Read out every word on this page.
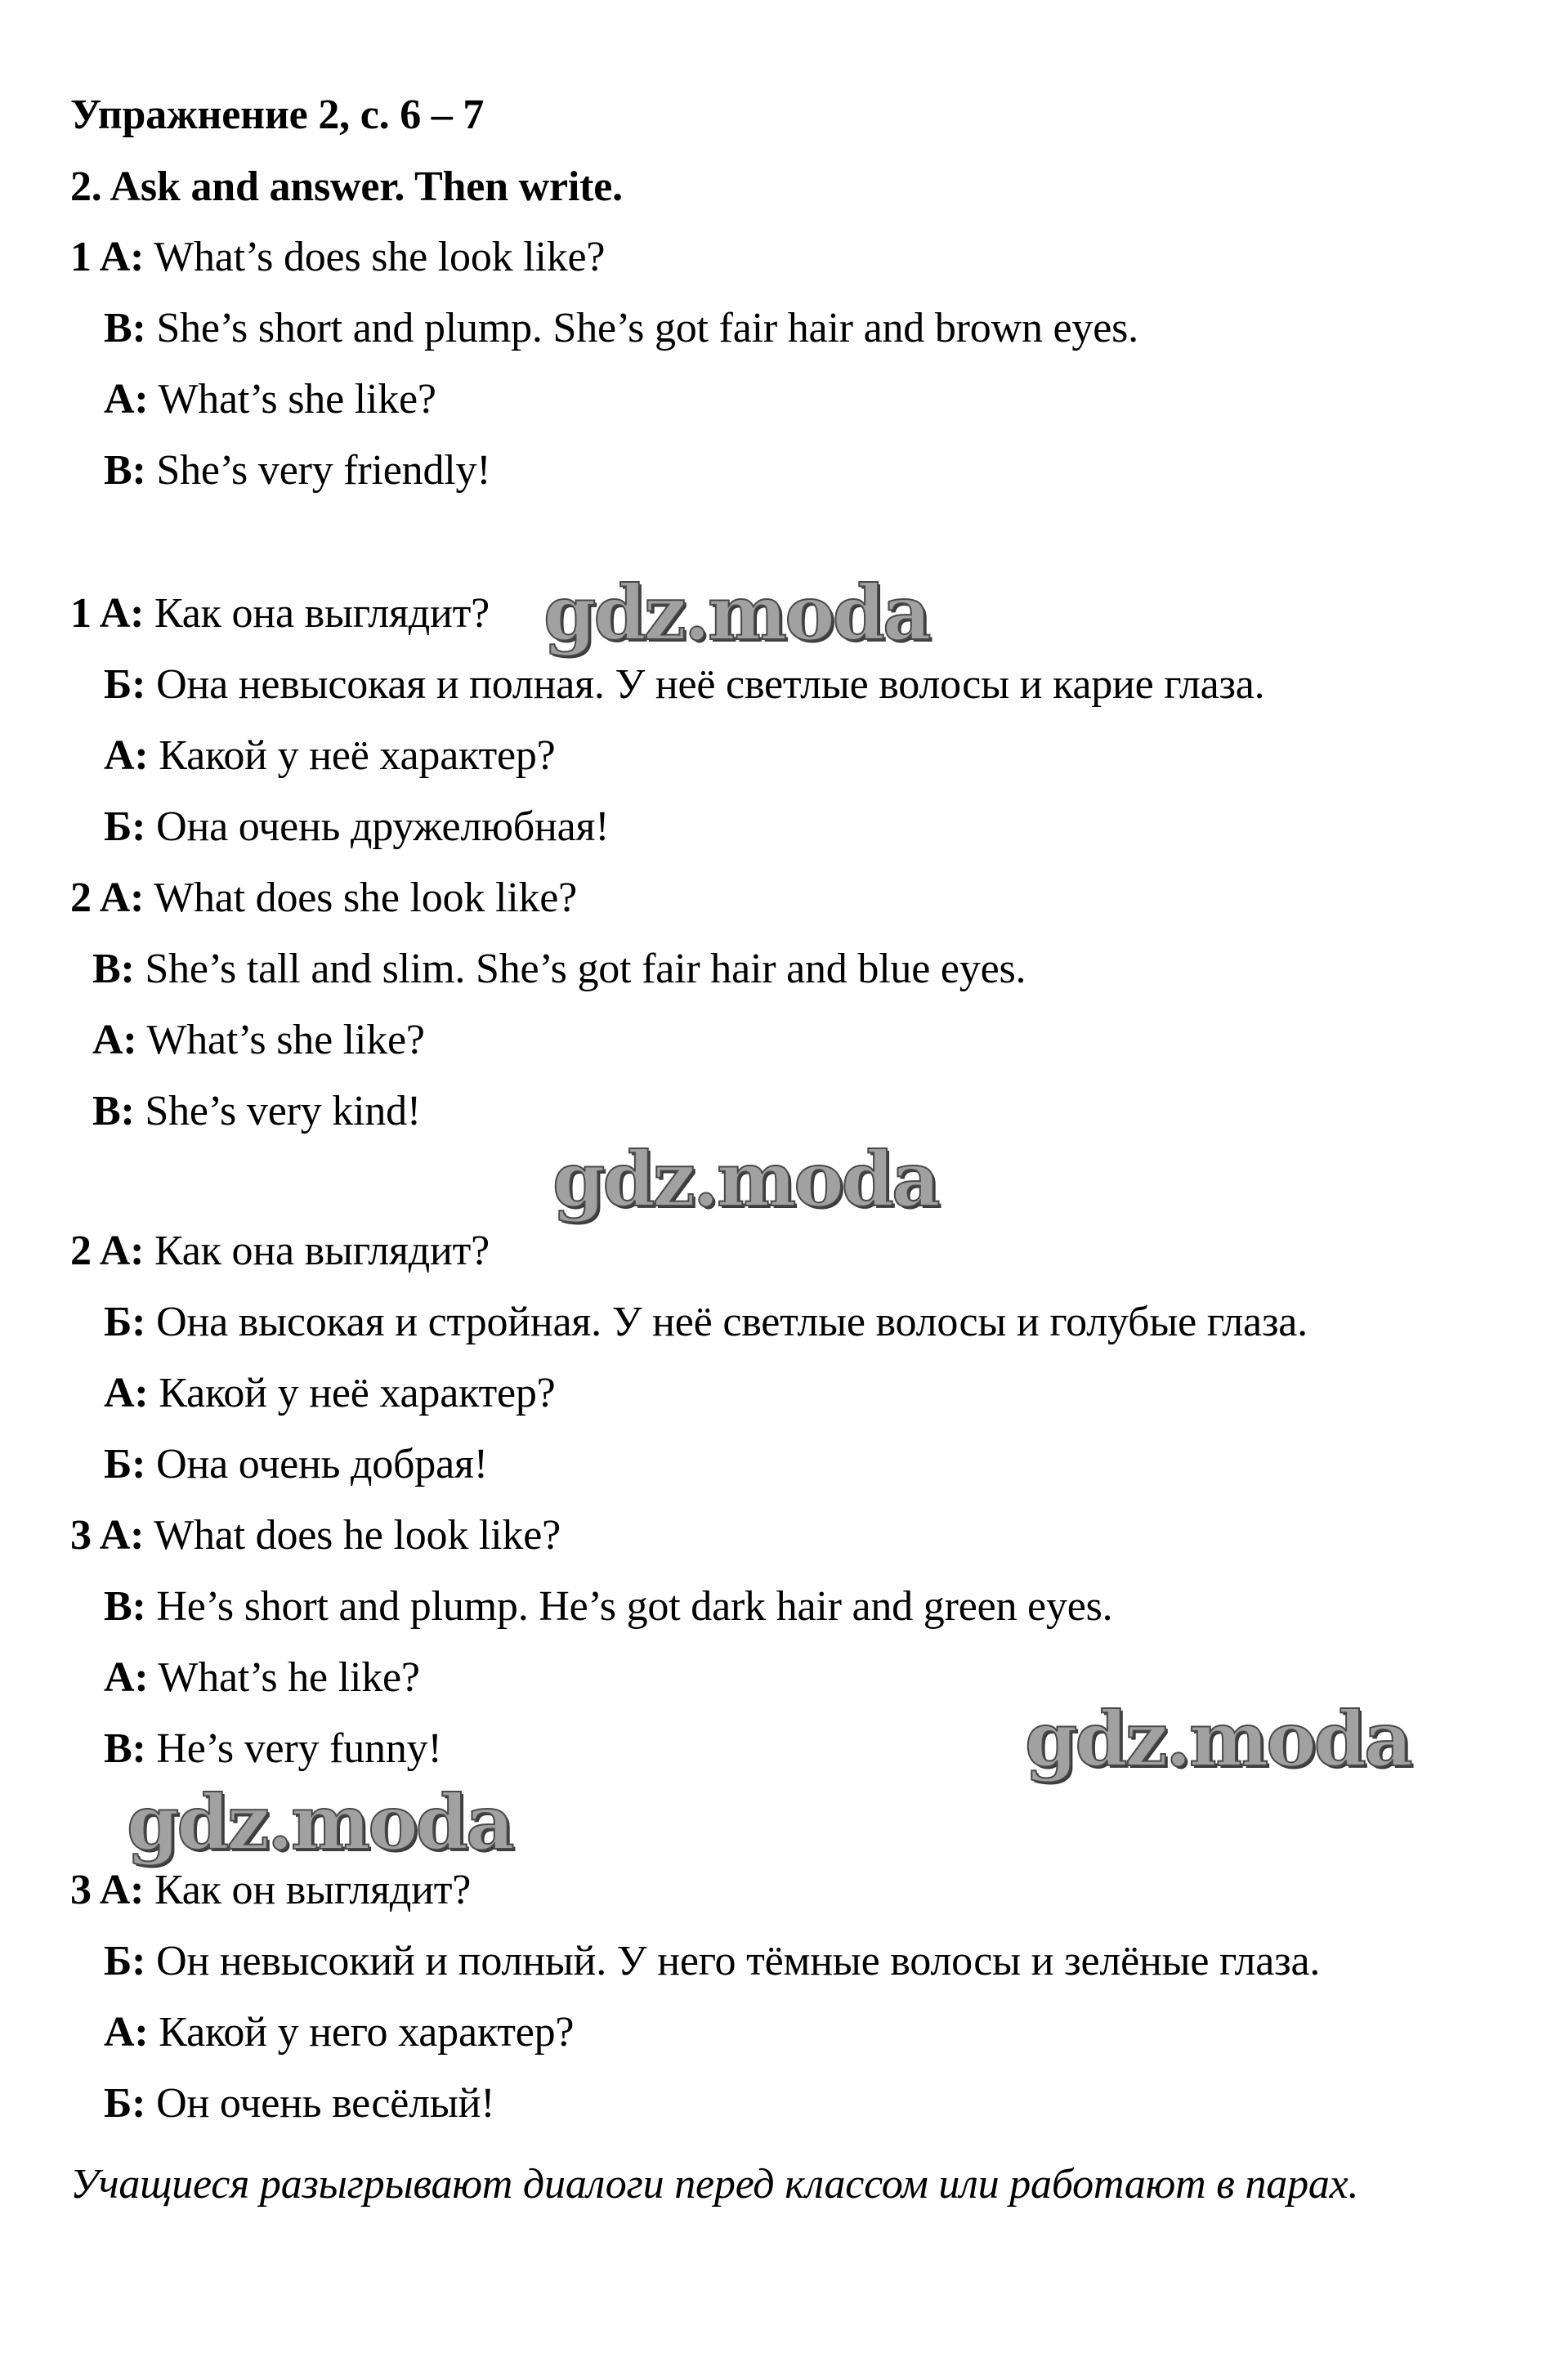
Упражнение 2, с. 6 – 7
2. Ask and answer. Then write.
1 A: What’s does she look like?
B: She’s short and plump. She’s got fair hair and brown eyes.
A: What’s she like?
B: She’s very friendly!
1 A: Как она выглядит?
Б: Она невысокая и полная. У неё светлые волосы и карие глаза.
А: Какой у неё характер?
Б: Она очень дружелюбная!
2 A: What does she look like?
B: She’s tall and slim. She’s got fair hair and blue eyes.
A: What’s she like?
B: She’s very kind!
2 A: Как она выглядит?
Б: Она высокая и стройная. У неё светлые волосы и голубые глаза.
А: Какой у неё характер?
Б: Она очень добрая!
3 A: What does he look like?
B: He’s short and plump. He’s got dark hair and green eyes.
A: What’s he like?
B: He’s very funny!
3 A: Как он выглядит?
Б: Он невысокий и полный. У него тёмные волосы и зелёные глаза.
А: Какой у него характер?
Б: Он очень весёлый!
Учащиеся разыгрывают диалоги перед классом или работают в парах.
gdz.moda
gdz.moda
gdz.moda
gdz.moda
